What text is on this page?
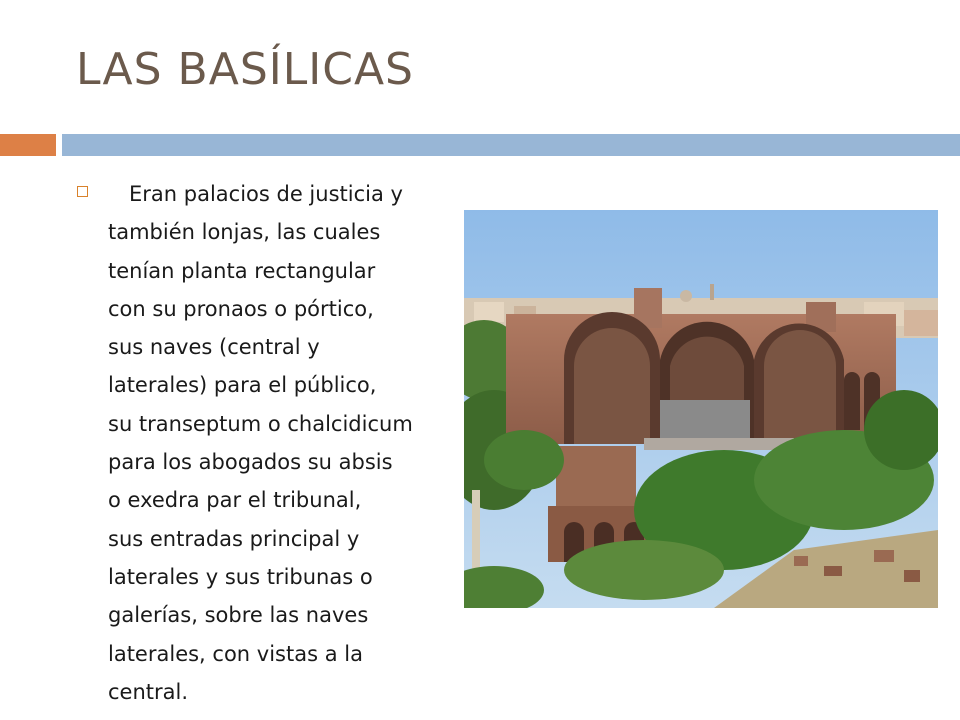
LAS BASÍLICAS
Eran palacios de justicia y
también lonjas, las cuales
tenían planta rectangular
con su pronaos o pórtico,
sus naves (central y
laterales) para el público,
su transeptum o chalcidicum
para los abogados su absis
o exedra par el tribunal,
sus entradas principal y
laterales y sus tribunas o
galerías, sobre las naves
laterales, con vistas a la
central.
